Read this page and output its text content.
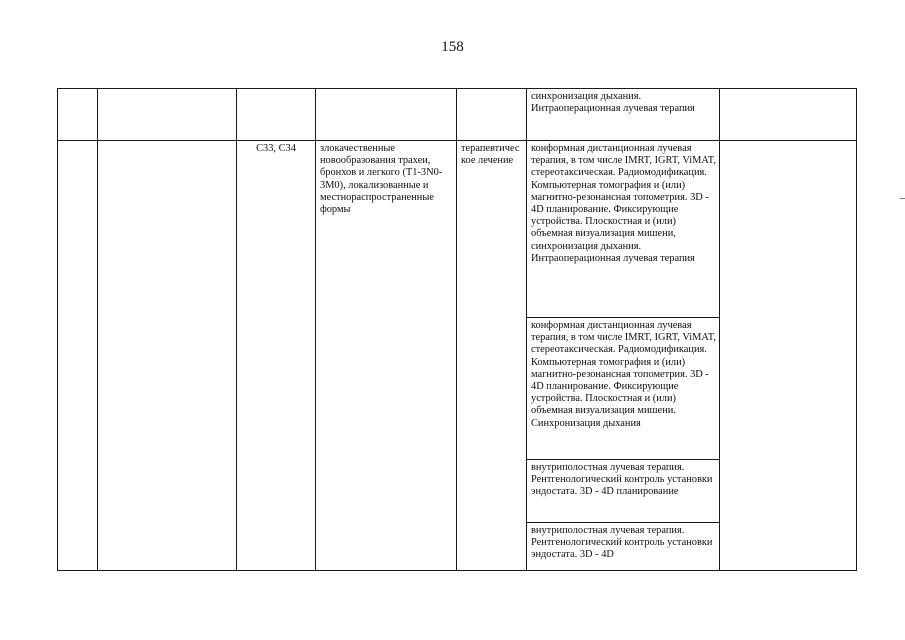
158
					синхронизация дыхания. Интраоперационная лучевая терапия	
		C33, C34	злокачественные новообразования трахеи, бронхов и легкого (T1-3N0-3M0), локализованные и местнораспространенные формы	терапевтическое лечение	конформная дистанционная лучевая терапия, в том числе IMRT, IGRT, ViMAT, стереотаксическая. Радиомодификация. Компьютерная томография и (или) магнитно-резонансная топометрия. 3D - 4D планирование. Фиксирующие устройства. Плоскостная и (или) объемная визуализация мишени, синхронизация дыхания. Интраоперационная лучевая терапия	
					конформная дистанционная лучевая терапия, в том числе IMRT, IGRT, ViMAT, стереотаксическая. Радиомодификация. Компьютерная томография и (или) магнитно-резонансная топометрия. 3D - 4D планирование. Фиксирующие устройства. Плоскостная и (или) объемная визуализация мишени. Синхронизация дыхания	
					внутриполостная лучевая терапия. Рентгенологический контроль установки эндостата. 3D - 4D планирование	
					внутриполостная лучевая терапия. Рентгенологический контроль установки эндостата. 3D - 4D	
